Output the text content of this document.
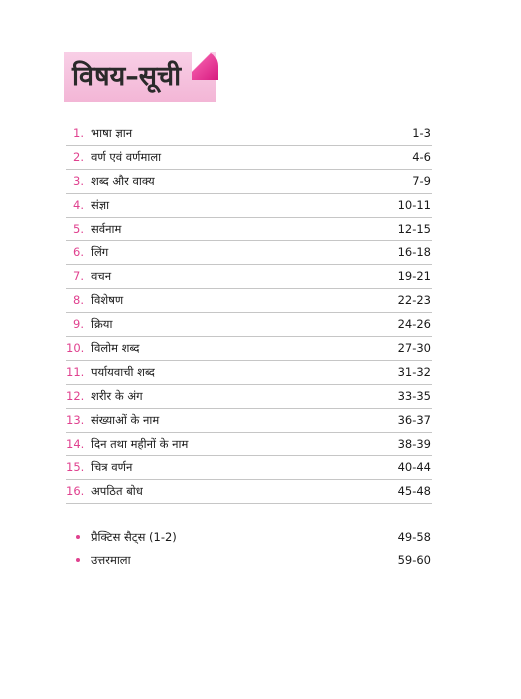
विषय–सूची
1. भाषा ज्ञान	1-3
2. वर्ण एवं वर्णमाला	4-6
3. शब्द और वाक्य	7-9
4. संज्ञा	10-11
5. सर्वनाम	12-15
6. लिंग	16-18
7. वचन	19-21
8. विशेषण	22-23
9. क्रिया	24-26
10. विलोम शब्द	27-30
11. पर्यायवाची शब्द	31-32
12. शरीर के अंग	33-35
13. संख्याओं के नाम	36-37
14. दिन तथा महीनों के नाम	38-39
15. चित्र वर्णन	40-44
16. अपठित बोध	45-48
प्रैक्टिस सैट्स (1-2)	49-58
उत्तरमाला	59-60
